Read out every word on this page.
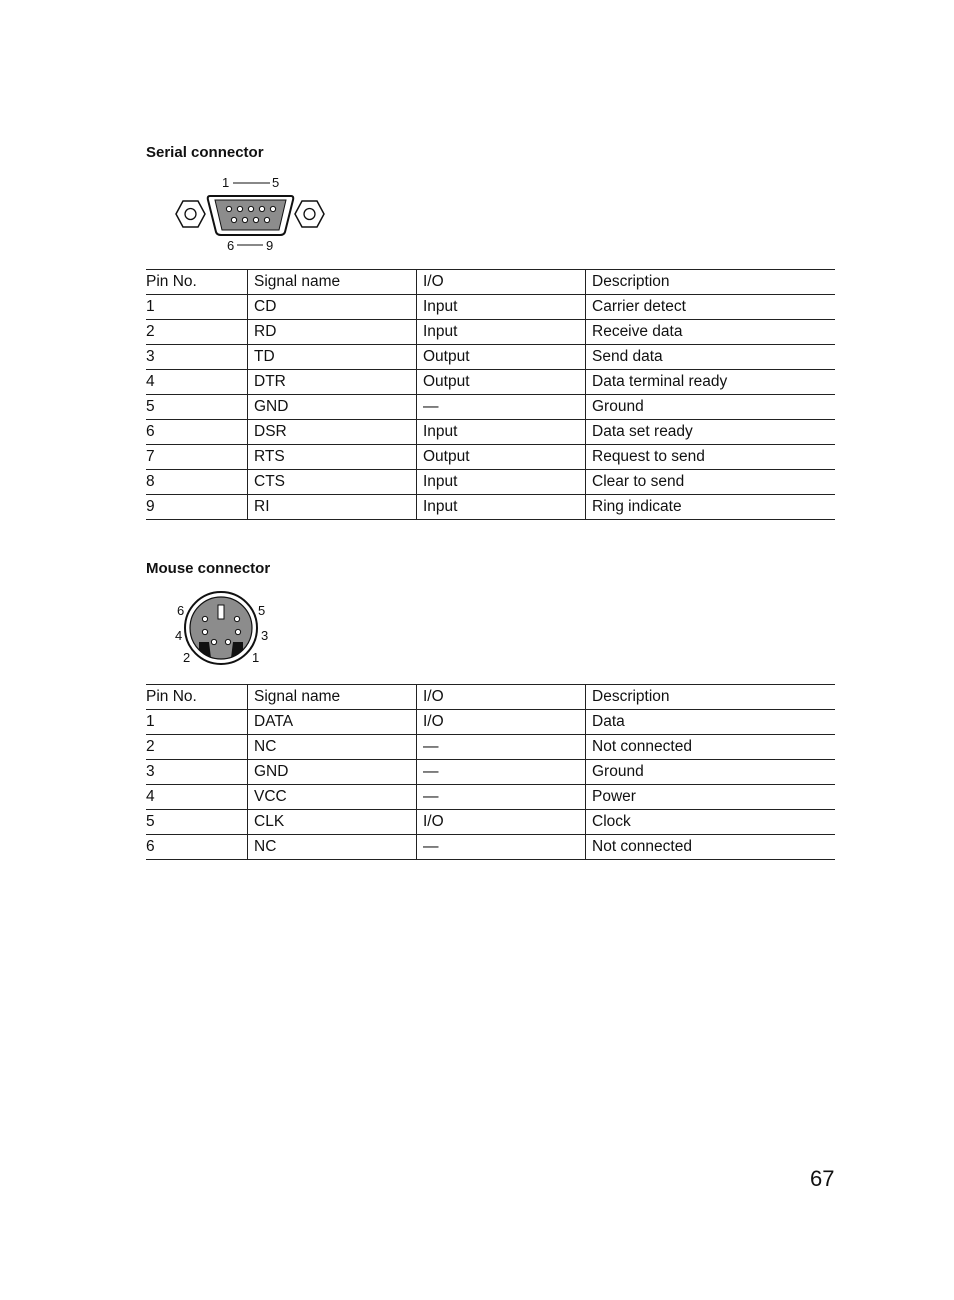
Serial connector
1	5
6 9
Pin No.	Signal name	I/O	Description
1	CD	Input	Carrier detect
2	RD	Input	Receive data
3	TD	Output	Send data
4	DTR	Output	Data terminal ready
5	GND	—	Ground
6	DSR	Input	Data set ready
7	RTS	Output	Request to send
8	CTS	Input	Clear to send
9	RI	Input	Ring indicate
Mouse connector
6	5
4	3
2	1
Pin No.	Signal name	I/O	Description
1	DATA	I/O	Data
2	NC	—	Not connected
3	GND	—	Ground
4	VCC	—	Power
5	CLK	I/O	Clock
6	NC	—	Not connected
67
